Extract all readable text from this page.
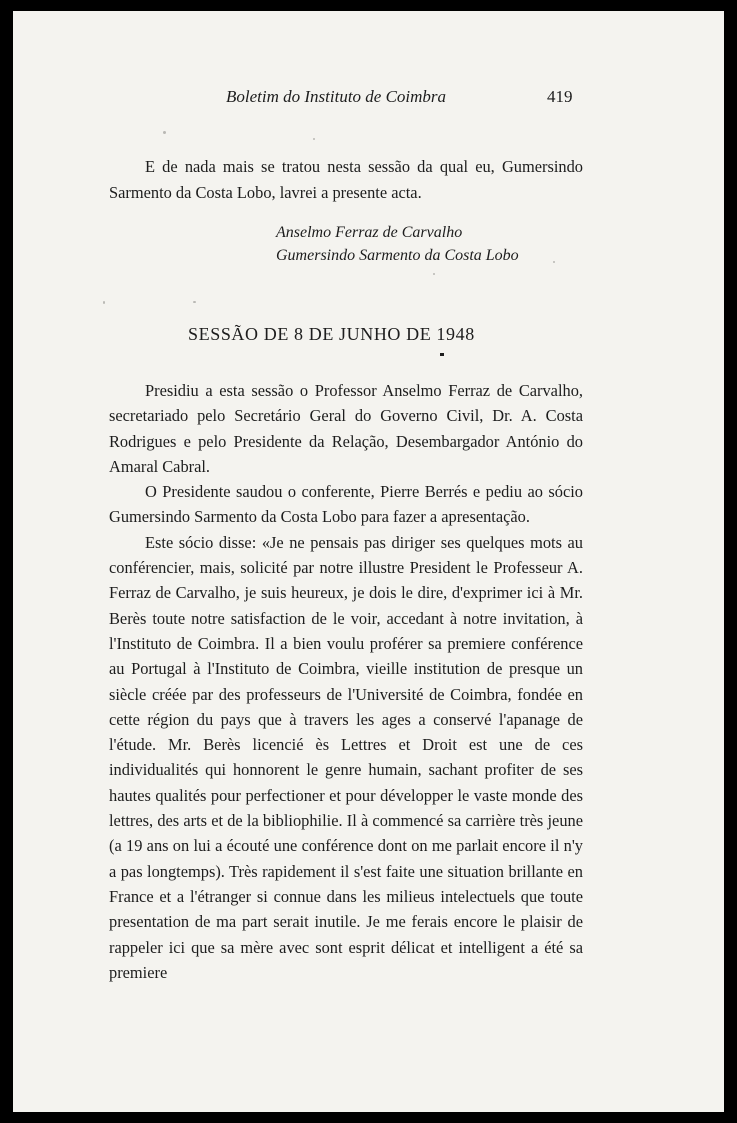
Boletim do Instituto de Coimbra	419

E de nada mais se tratou nesta sessão da qual eu, Gumersindo Sarmento da Costa Lobo, lavrei a presente acta.

Anselmo Ferraz de Carvalho
Gumersindo Sarmento da Costa Lobo
SESSÃO DE 8 DE JUNHO DE 1948

Presidiu a esta sessão o Professor Anselmo Ferraz de Carvalho, secretariado pelo Secretário Geral do Governo Civil, Dr. A. Costa Rodrigues e pelo Presidente da Relação, Desembargador António do Amaral Cabral.

O Presidente saudou o conferente, Pierre Berrés e pediu ao sócio Gumersindo Sarmento da Costa Lobo para fazer a apresentação.

Este sócio disse: «Je ne pensais pas diriger ses quelques mots au conférencier, mais, solicité par notre illustre President le Professeur A. Ferraz de Carvalho, je suis heureux, je dois le dire, d'exprimer ici à Mr. Berès toute notre satisfaction de le voir, accedant à notre invitation, à l'Instituto de Coimbra. Il a bien voulu proférer sa premiere conférence au Portugal à l'Instituto de Coimbra, vieille institution de presque un siècle créée par des professeurs de l'Université de Coimbra, fondée en cette région du pays que à travers les ages a conservé l'apanage de l'étude. Mr. Berès licencié ès Lettres et Droit est une de ces individualités qui honnorent le genre humain, sachant profiter de ses hautes qualités pour perfectioner et pour développer le vaste monde des lettres, des arts et de la bibliophilie. Il à commencé sa carrière très jeune (a 19 ans on lui a écouté une conférence dont on me parlait encore il n'y a pas longtemps). Très rapidement il s'est faite une situation brillante en France et a l'étranger si connue dans les milieus intelectuels que toute presentation de ma part serait inutile. Je me ferais encore le plaisir de rappeler ici que sa mère avec sont esprit délicat et intelligent a été sa premiere
